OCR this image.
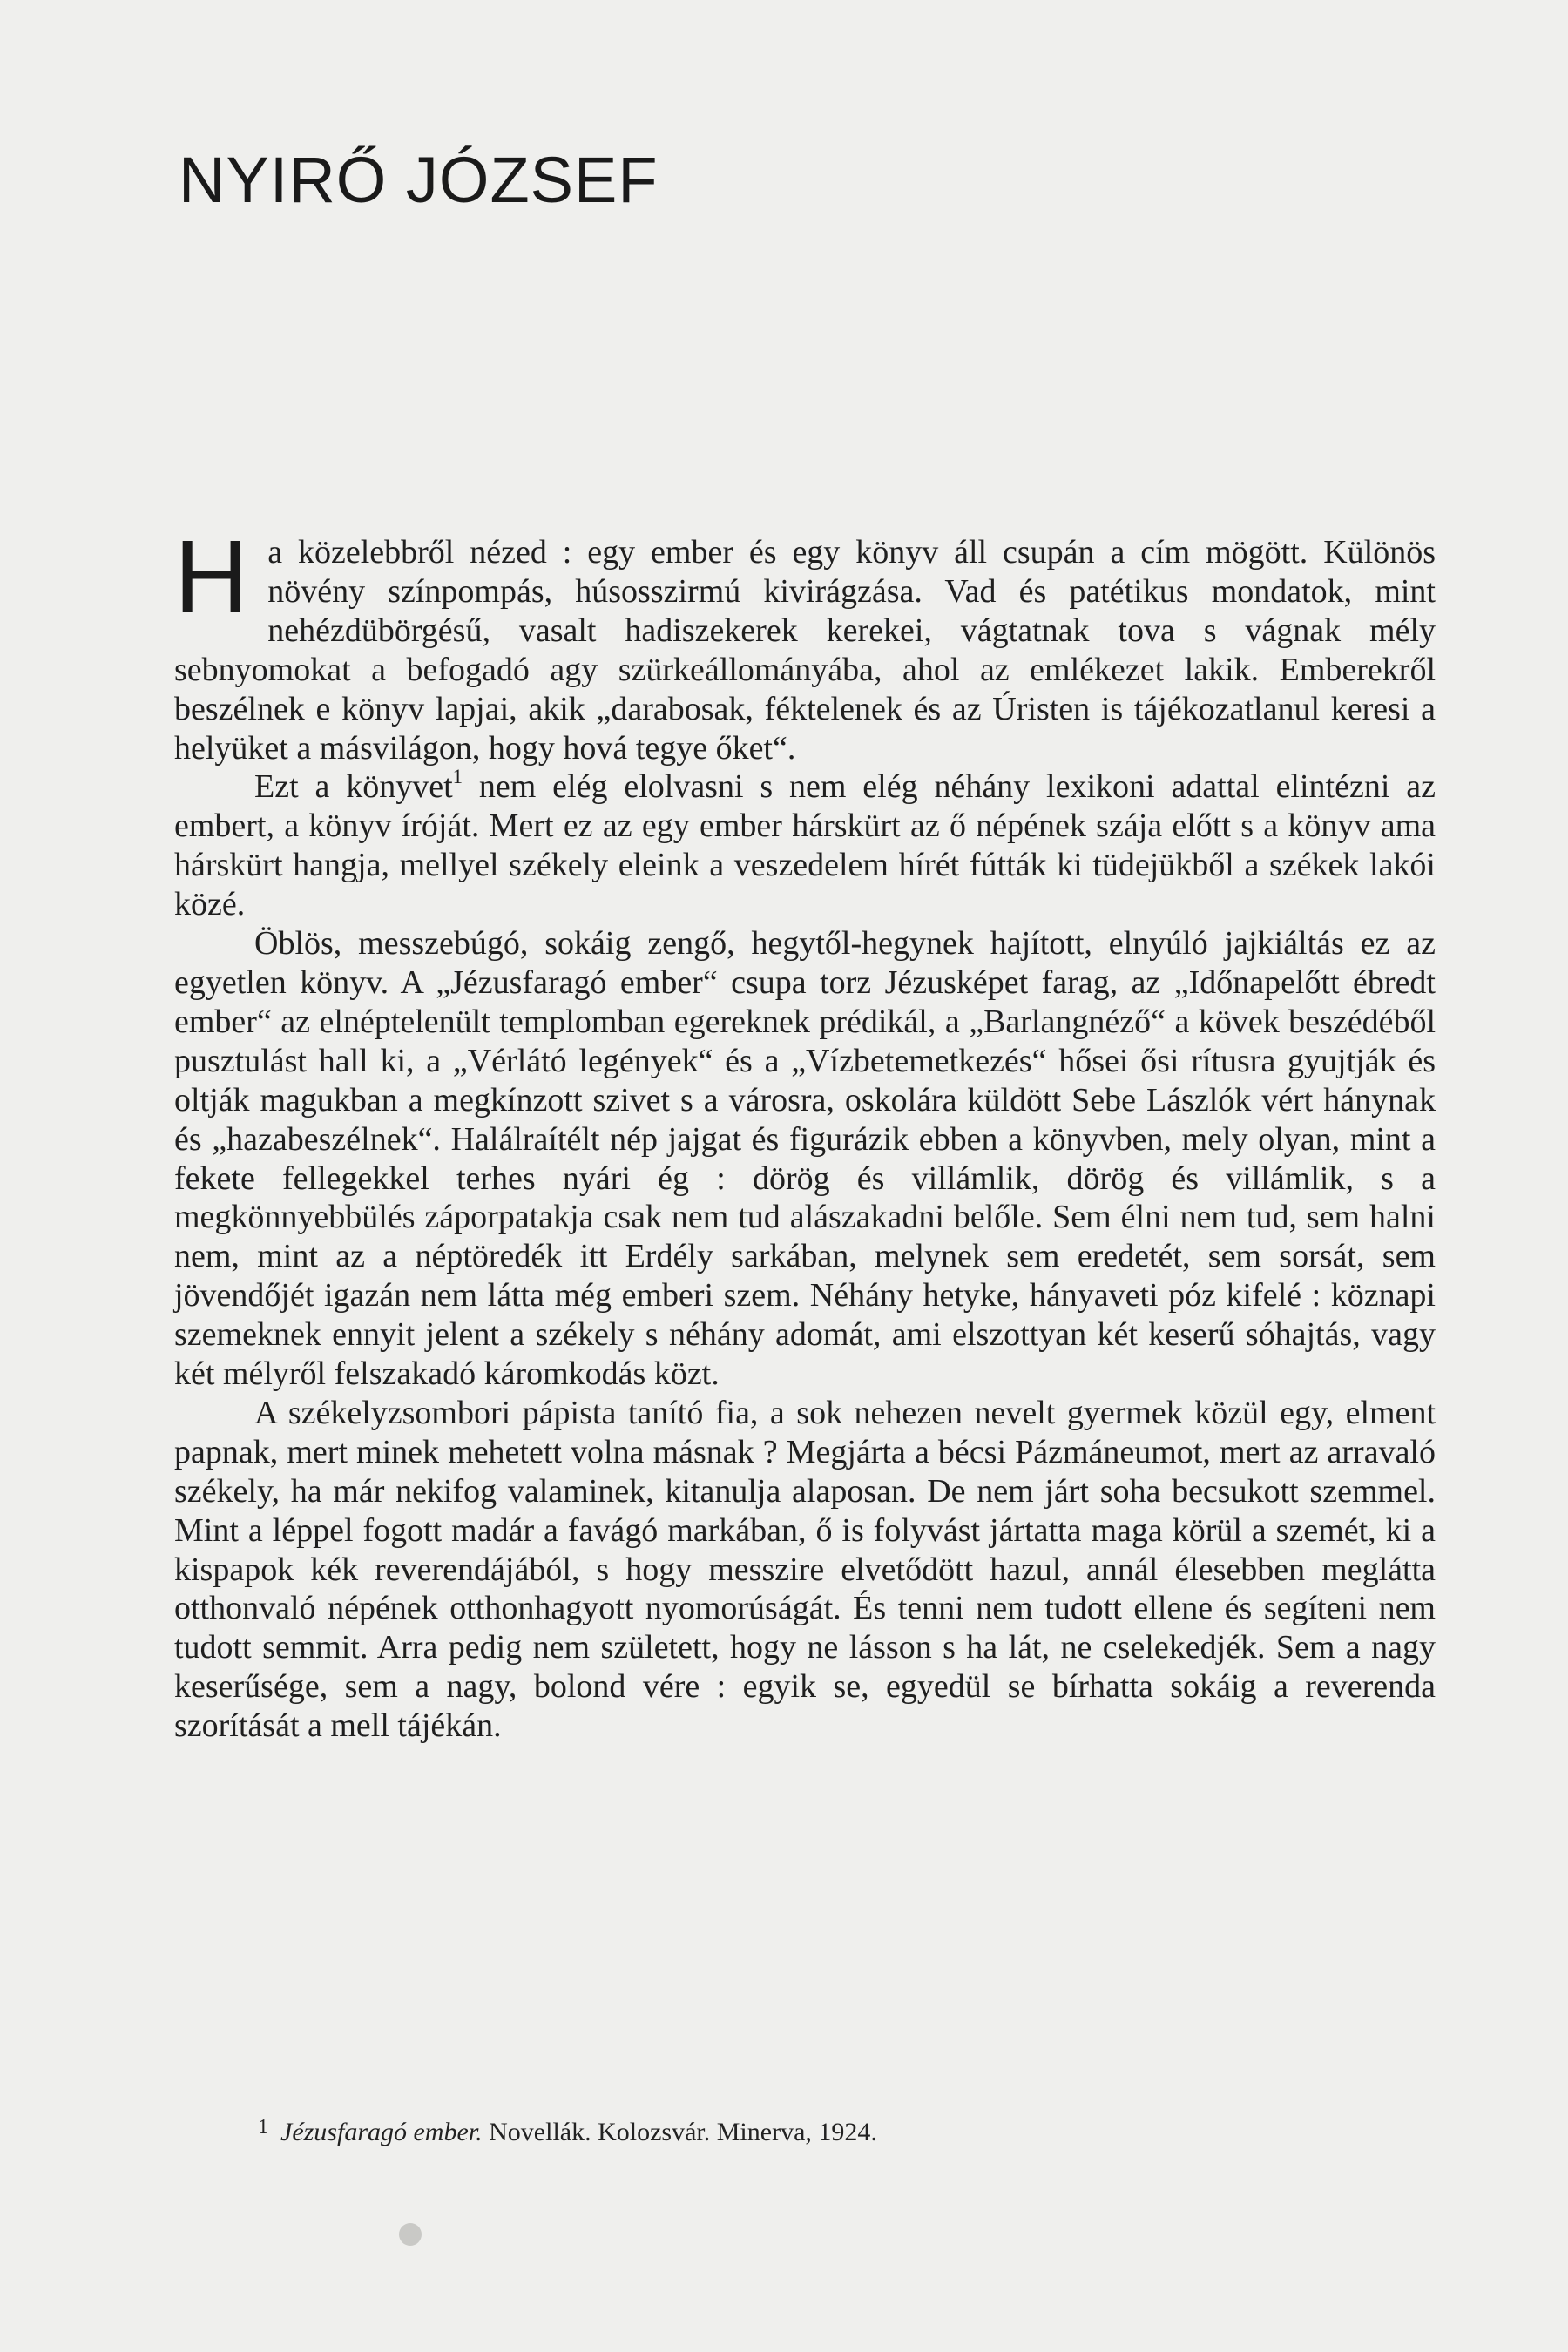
NYIRŐ JÓZSEF

Ha közelebbről nézed : egy ember és egy könyv áll csupán a cím mögött. Különös növény színpompás, húsosszirmú kivirágzása. Vad és patétikus mondatok, mint nehézdübörgésű, vasalt hadiszekerek kerekei, vágtatnak tova s vágnak mély sebnyomokat a befogadó agy szürkeállományába, ahol az emlékezet lakik. Emberekről beszélnek e könyv lapjai, akik „darabosak, féktelenek és az Úristen is tájékozatlanul keresi a helyüket a másvilágon, hogy hová tegye őket“.

Ezt a könyvet$^1$ nem elég elolvasni s nem elég néhány lexikoni adattal elintézni az embert, a könyv íróját. Mert ez az egy ember hárskürt az ő népének szája előtt s a könyv ama hárskürt hangja, mellyel székely eleink a veszedelem hírét fútták ki tüdejükből a székek lakói közé.

Öblös, messzebúgó, sokáig zengő, hegytől-hegynek hajított, elnyúló jajkiáltás ez az egyetlen könyv. A „Jézusfaragó ember“ csupa torz Jézusképet farag, az „Időnapelőtt ébredt ember“ az elnéptelenült templomban egereknek prédikál, a „Barlangnéző“ a kövek beszédéből pusztulást hall ki, a „Vérlátó legények“ és a „Vízbetemetkezés“ hősei ősi rítusra gyujtják és oltják magukban a megkínzott szivet s a városra, oskolára küldött Sebe Lászlók vért hánynak és „hazabeszélnek“. Halálraítélt nép jajgat és figurázik ebben a könyvben, mely olyan, mint a fekete fellegekkel terhes nyári ég : dörög és villámlik, dörög és villámlik, s a megkönnyebbülés záporpatakja csak nem tud alászakadni belőle. Sem élni nem tud, sem halni nem, mint az a néptöredék itt Erdély sarkában, melynek sem eredetét, sem sorsát, sem jövendőjét igazán nem látta még emberi szem. Néhány hetyke, hányaveti póz kifelé : köznapi szemeknek ennyit jelent a székely s néhány adomát, ami elszottyan két keserű sóhajtás, vagy két mélyről felszakadó káromkodás közt.

A székelyzsombori pápista tanító fia, a sok nehezen nevelt gyermek közül egy, elment papnak, mert minek mehetett volna másnak ? Megjárta a bécsi Pázmáneumot, mert az arravaló székely, ha már nekifog valaminek, kitanulja alaposan. De nem járt soha becsukott szemmel. Mint a léppel fogott madár a favágó markában, ő is folyvást jártatta maga körül a szemét, ki a kispapok kék reverendájából, s hogy messzire elvetődött hazul, annál élesebben meglátta otthonvaló népének otthonhagyott nyomorúságát. És tenni nem tudott ellene és segíteni nem tudott semmit. Arra pedig nem született, hogy ne lásson s ha lát, ne cselekedjék. Sem a nagy keserűsége, sem a nagy, bolond vére : egyik se, egyedül se bírhatta sokáig a reverenda szorítását a mell tájékán.

$^1$ Jézusfaragó ember. Novellák. Kolozsvár. Minerva, 1924.
